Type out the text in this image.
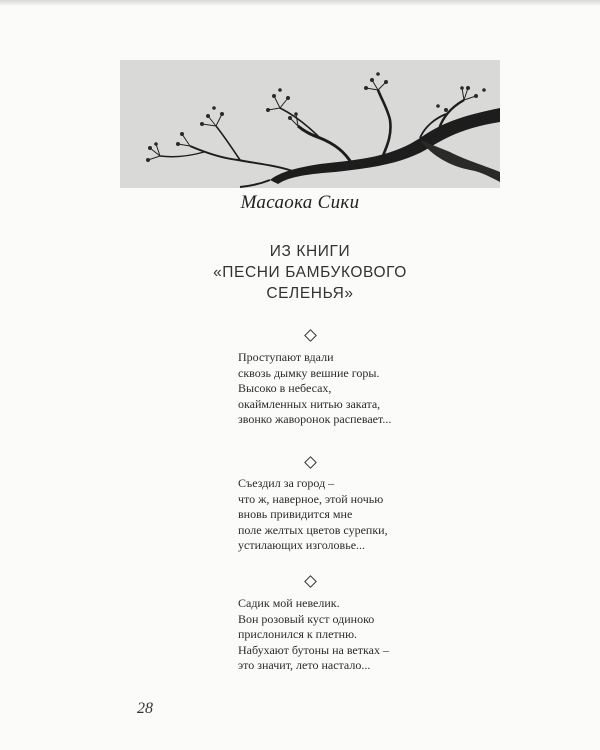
Масаока Сики
ИЗ КНИГИ
«ПЕСНИ БАМБУКОВОГО
СЕЛЕНЬЯ»
Проступают вдали
сквозь дымку вешние горы.
Высоко в небесах,
окаймленных нитью заката,
звонко жаворонок распевает...
Съездил за город –
что ж, наверное, этой ночью
вновь привидится мне
поле желтых цветов сурепки,
устилающих изголовье...
Садик мой невелик.
Вон розовый куст одиноко
прислонился к плетню.
Набухают бутоны на ветках –
это значит, лето настало...
28
